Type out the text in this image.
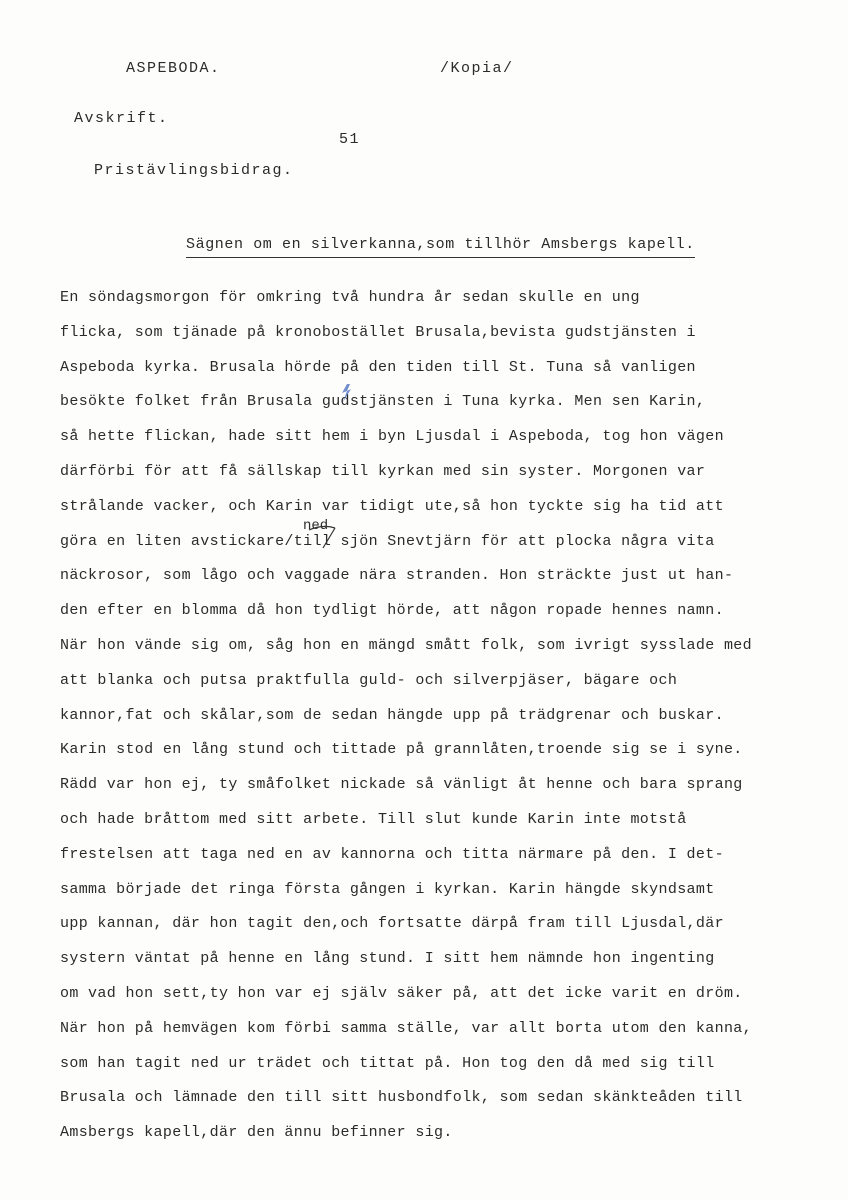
ASPEBODA.	/Kopia/
Avskrift.
51
Pristävlingsbidrag.
Sägnen om en silverkanna,som tillhör Amsbergs kapell.
En söndagsmorgon för omkring två hundra år sedan skulle en ung
flicka, som tjänade på kronobostället Brusala,bevista gudstjänsten i
Aspeboda kyrka. Brusala hörde på den tiden till St. Tuna så vanligen
besökte folket från Brusala gudstjänsten i Tuna kyrka. Men sen Karin,
så hette flickan, hade sitt hem i byn Ljusdal i Aspeboda, tog hon vägen
därförbi för att få sällskap till kyrkan med sin syster. Morgonen var
strålande vacker, och Karin var tidigt ute,så hon tyckte sig ha tid att
göra en liten avstickare/till sjön Snevtjärn för att plocka några vita
näckrosor, som lågo och vaggade nära stranden. Hon sträckte just ut han-
den efter en blomma då hon tydligt hörde, att någon ropade hennes namn.
När hon vände sig om, såg hon en mängd smått folk, som ivrigt sysslade med
att blanka och putsa praktfulla guld- och silverpjäser, bägare och
kannor,fat och skålar,som de sedan hängde upp på trädgrenar och buskar.
Karin stod en lång stund och tittade på grannlåten,troende sig se i syne.
Rädd var hon ej, ty småfolket nickade så vänligt åt henne och bara sprang
och hade bråttom med sitt arbete. Till slut kunde Karin inte motstå
frestelsen att taga ned en av kannorna och titta närmare på den. I det-
samma började det ringa första gången i kyrkan. Karin hängde skyndsamt
upp kannan, där hon tagit den,och fortsatte därpå fram till Ljusdal,där
systern väntat på henne en lång stund. I sitt hem nämnde hon ingenting
om vad hon sett,ty hon var ej själv säker på, att det icke varit en dröm.
När hon på hemvägen kom förbi samma ställe, var allt borta utom den kanna,
som han tagit ned ur trädet och tittat på. Hon tog den då med sig till
Brusala och lämnade den till sitt husbondfolk, som sedan skänkteåden till
Amsbergs kapell,där den ännu befinner sig.
ned
